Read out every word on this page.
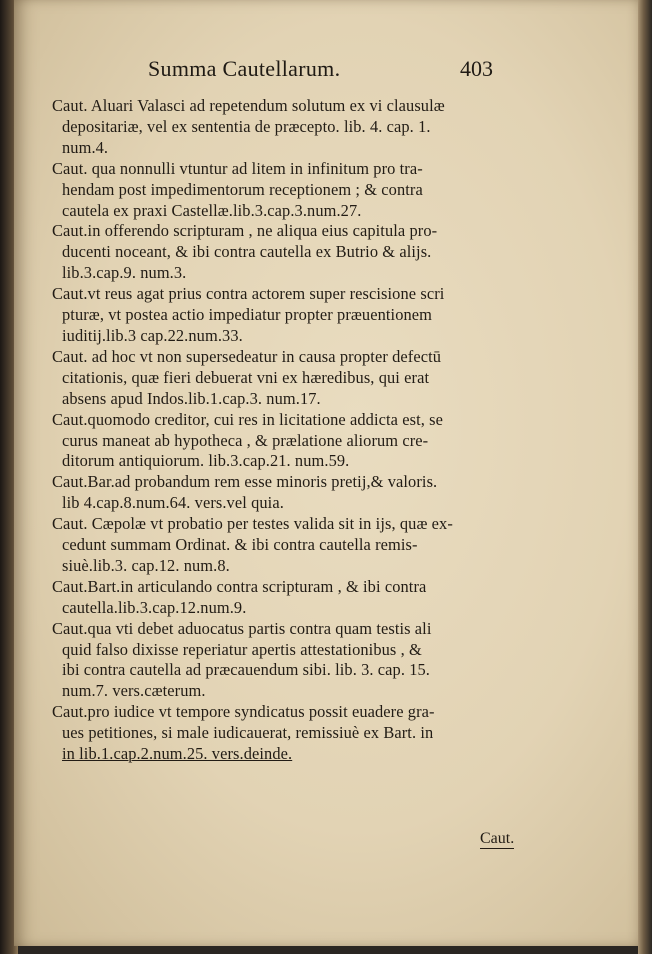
Summa Cautellarum.	403
Caut. Aluari Valasci ad repetendum solutum ex vi clausulæ
depositariæ, vel ex sententia de præcepto. lib. 4. cap. 1.
num.4.
Caut. qua nonnulli vtuntur ad litem in infinitum pro tra-
hendam post impedimentorum receptionem ; & contra
cautela ex praxi Castellæ.lib.3.cap.3.num.27.
Caut.in offerendo scripturam , ne aliqua eius capitula pro-
ducenti noceant, & ibi contra cautella ex Butrio & alijs.
lib.3.cap.9. num.3.
Caut.vt reus agat prius contra actorem super rescisione scri
pturæ, vt postea actio impediatur propter præuentionem
iuditij.lib.3 cap.22.num.33.
Caut. ad hoc vt non supersedeatur in causa propter defectū
citationis, quæ fieri debuerat vni ex hæredibus, qui erat
absens apud Indos.lib.1.cap.3. num.17.
Caut.quomodo creditor, cui res in licitatione addicta est, se
curus maneat ab hypotheca , & prælatione aliorum cre-
ditorum antiquiorum. lib.3.cap.21. num.59.
Caut.Bar.ad probandum rem esse minoris pretij,& valoris.
lib 4.cap.8.num.64. vers.vel quia.
Caut. Cæpolæ vt probatio per testes valida sit in ijs, quæ ex-
cedunt summam Ordinat. & ibi contra cautella remis-
siuè.lib.3. cap.12. num.8.
Caut.Bart.in articulando contra scripturam , & ibi contra
cautella.lib.3.cap.12.num.9.
Caut.qua vti debet aduocatus partis contra quam testis ali
quid falso dixisse reperiatur apertis attestationibus , &
ibi contra cautella ad præcauendum sibi. lib. 3. cap. 15.
num.7. vers.cæterum.
Caut.pro iudice vt tempore syndicatus possit euadere gra-
ues petitiones, si male iudicauerat, remissiuè ex Bart. in
in lib.1.cap.2.num.25. vers.deinde.
Caut.
